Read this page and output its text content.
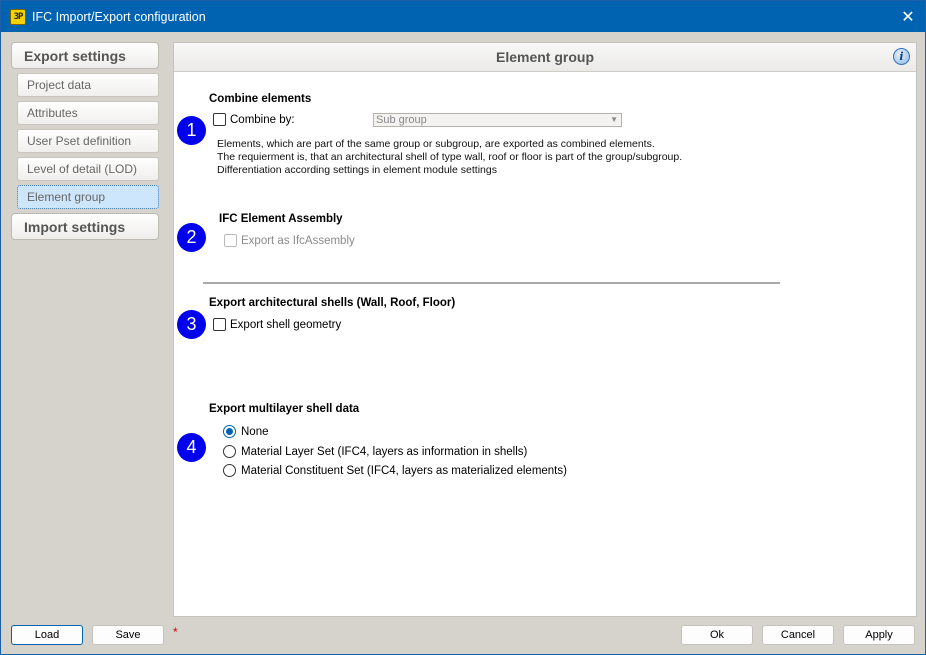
3P IFC Import/Export configuration	✕
Export settings
Project data
Attributes
User Pset definition
Level of detail (LOD)
Element group
Import settings
Element group	i
Combine elements
1
Combine by:	Sub group	▼
Elements, which are part of the same group or subgroup, are exported as combined elements.
The requierment is, that an architectural shell of type wall, roof or floor is part of the group/subgroup.
Differentiation according settings in element module settings
IFC Element Assembly
2	Export as IfcAssembly
Export architectural shells (Wall, Roof, Floor)
3	Export shell geometry
Export multilayer shell data
4
None
Material Layer Set (IFC4, layers as information in shells)
Material Constituent Set (IFC4, layers as materialized elements)
Load	Save	*	Ok	Cancel	Apply
